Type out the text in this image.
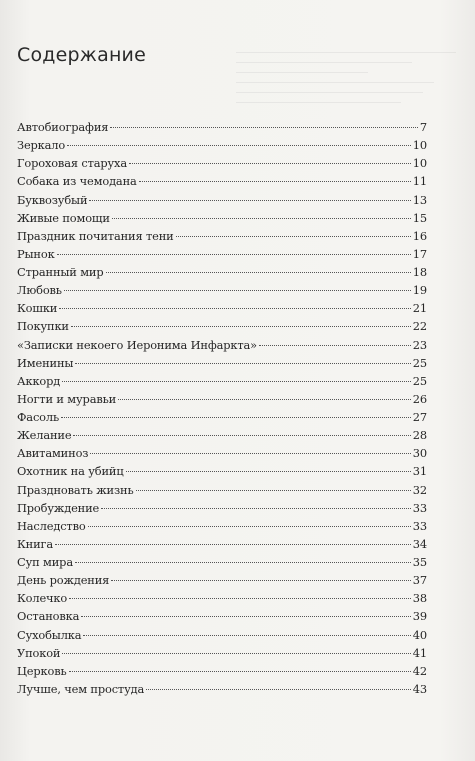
Содержание
Автобиография	7
Зеркало	10
Гороховая старуха	10
Собака из чемодана	11
Буквозубый	13
Живые помощи	15
Праздник почитания тени	16
Рынок	17
Странный мир	18
Любовь	19
Кошки	21
Покупки	22
«Записки некоего Иеронима Инфаркта»	23
Именины	25
Аккорд	25
Ногти и муравьи	26
Фасоль	27
Желание	28
Авитаминоз	30
Охотник на убийц	31
Праздновать жизнь	32
Пробуждение	33
Наследство	33
Книга	34
Суп мира	35
День рождения	37
Колечко	38
Остановка	39
Сухобылка	40
Упокой	41
Церковь	42
Лучше, чем простуда	43
